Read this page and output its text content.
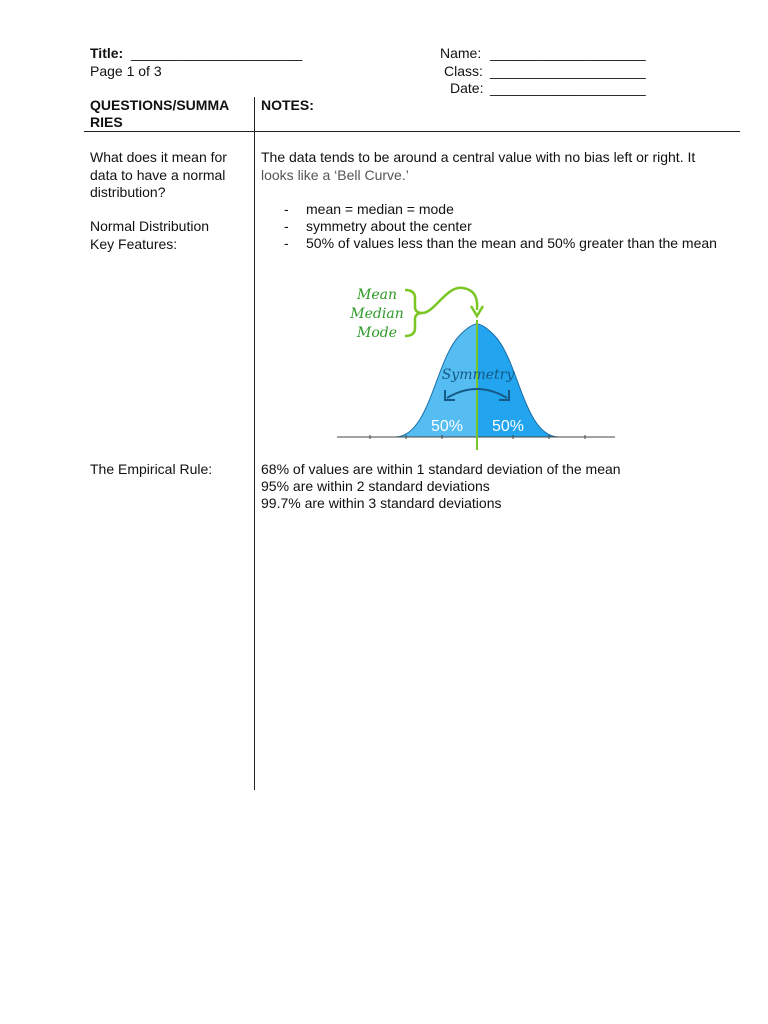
Title: ______________________
Page 1 of 3
Name: ____________________
Class: ____________________
Date: ____________________
QUESTIONS/SUMMA
RIES
NOTES:
What does it mean for
data to have a normal
distribution?
The data tends to be around a central value with no bias left or right. It
looks like a ‘Bell Curve.’
Normal Distribution
Key Features:
- mean = median = mode
- symmetry about the center
- 50% of values less than the mean and 50% greater than the mean
Mean
Median
Mode
Symmetry
50% 50%
The Empirical Rule:	68% of values are within 1 standard deviation of the mean
95% are within 2 standard deviations
99.7% are within 3 standard deviations
